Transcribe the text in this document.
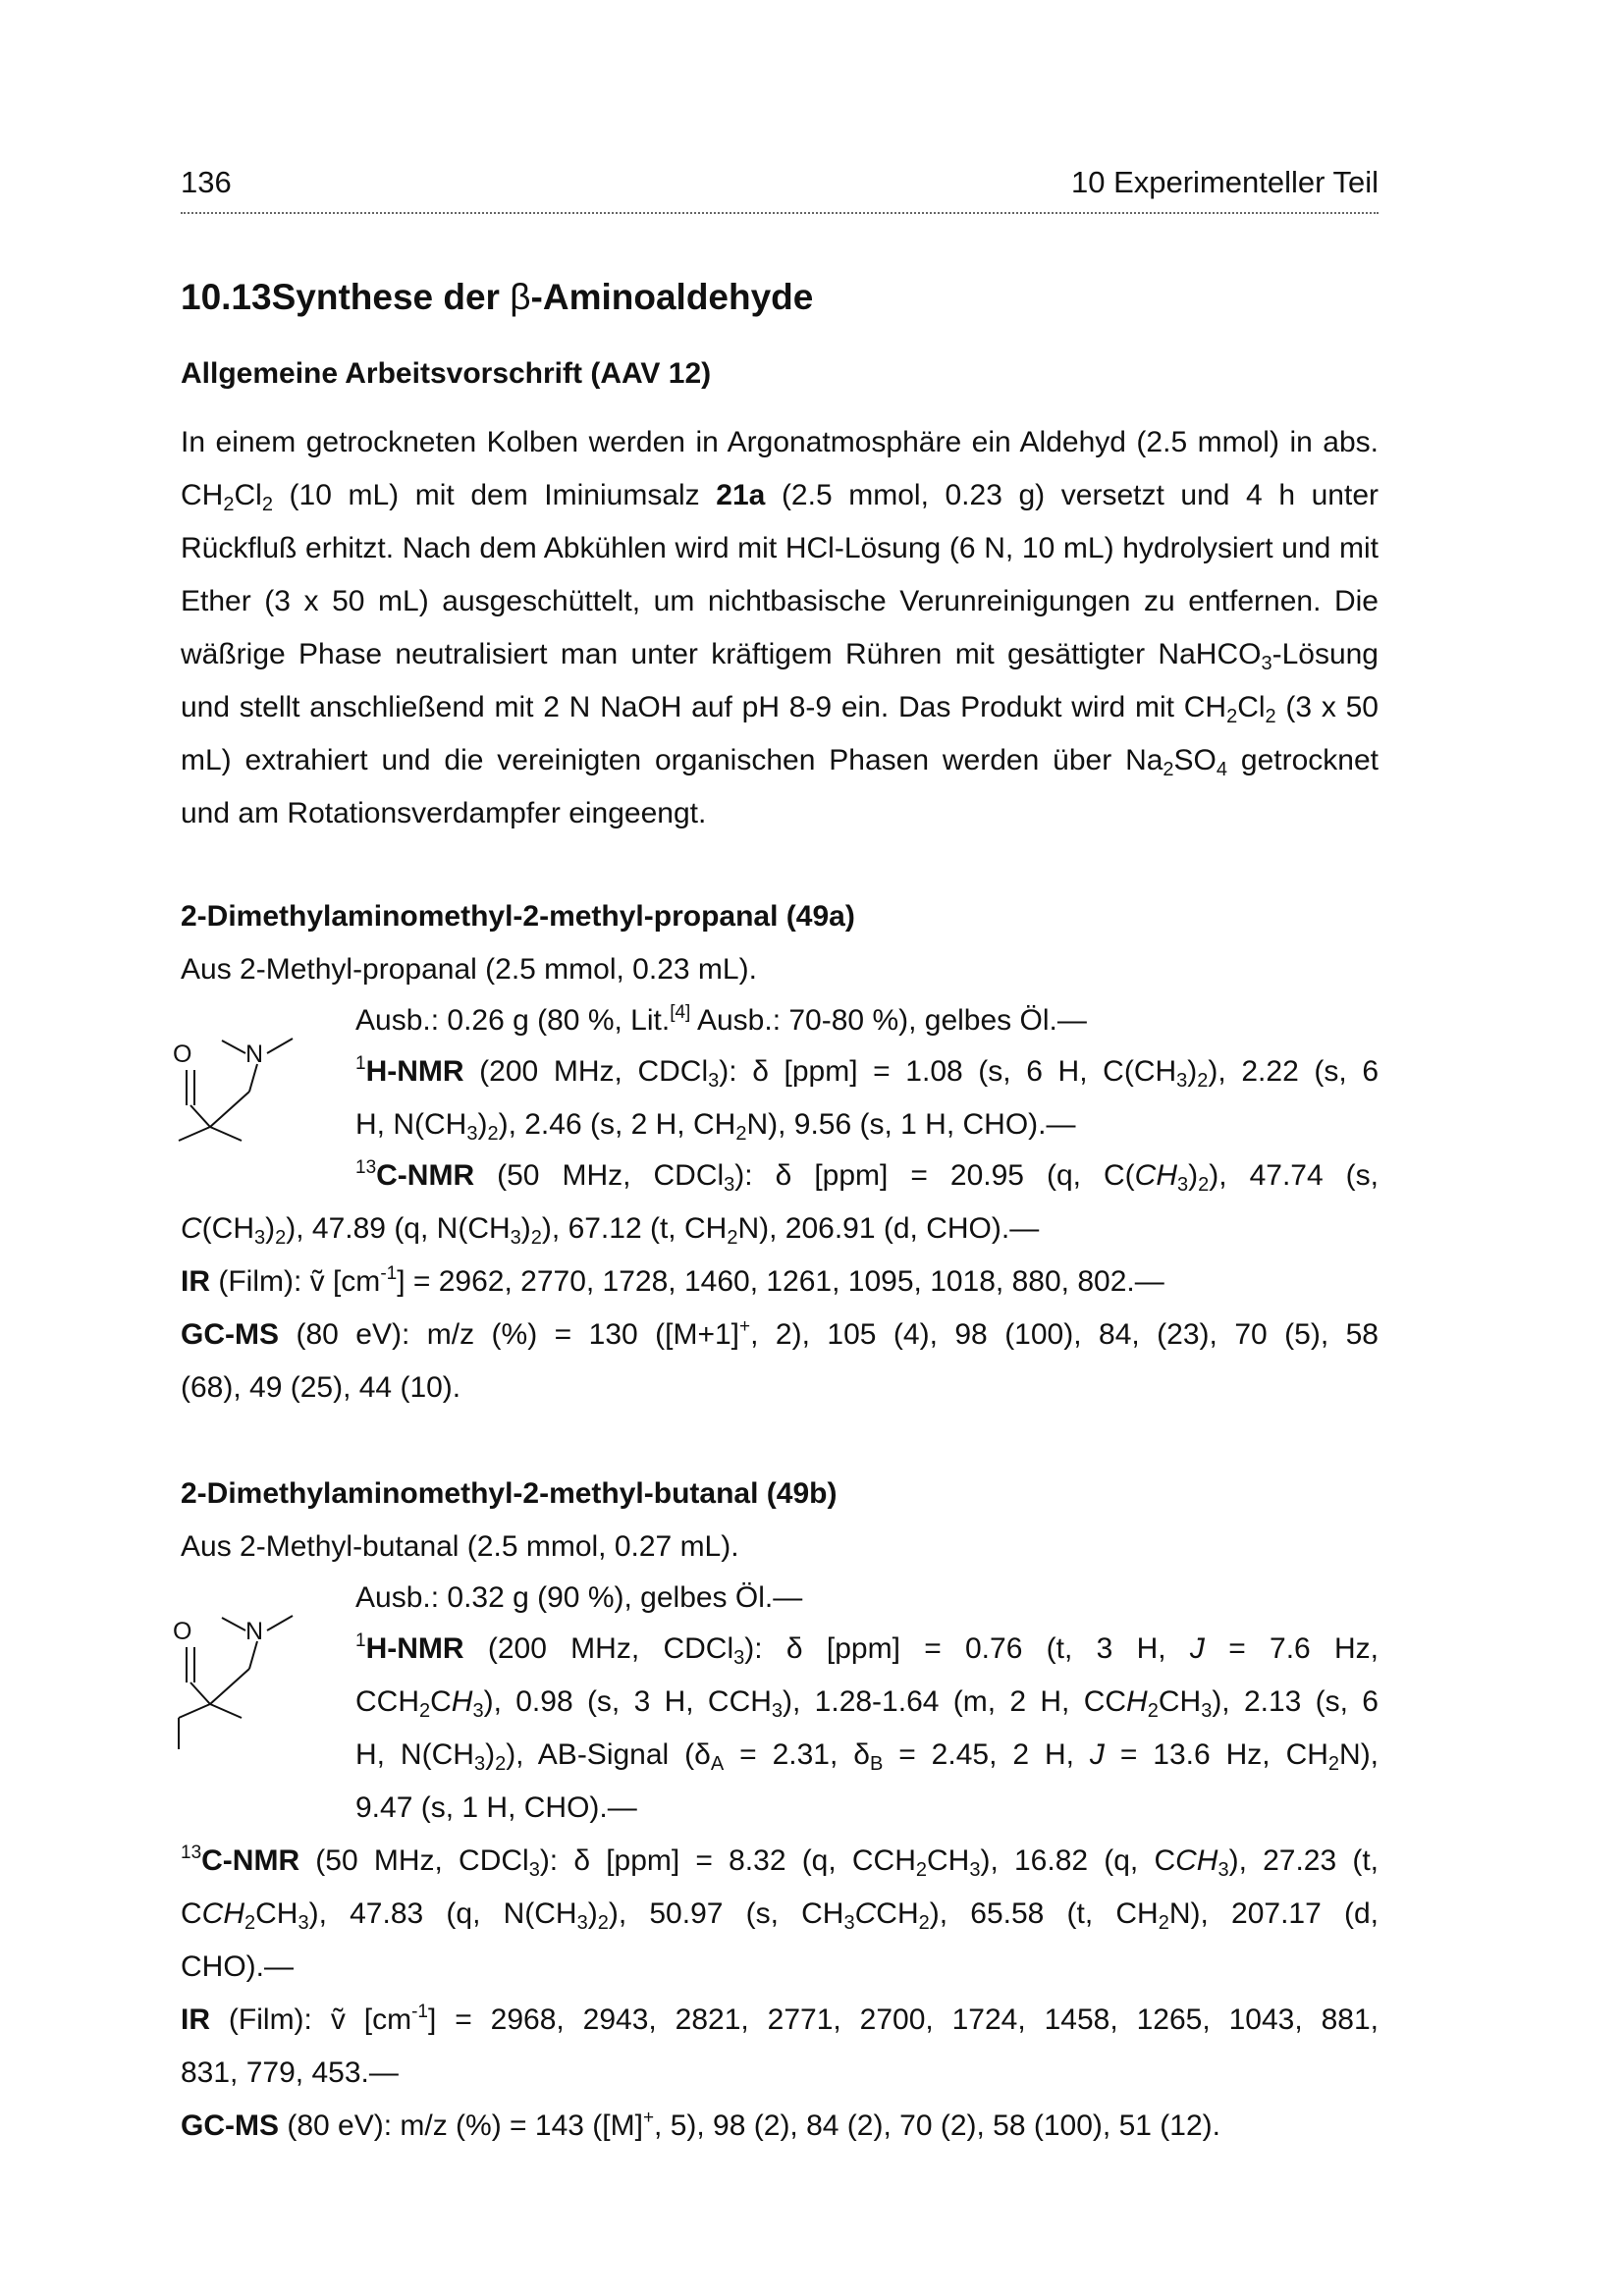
136	10 Experimenteller Teil
10.13Synthese der β-Aminoaldehyde
Allgemeine Arbeitsvorschrift (AAV 12)
In einem getrockneten Kolben werden in Argonatmosphäre ein Aldehyd (2.5 mmol) in abs. $CH_2Cl_2$ (10 mL) mit dem Iminiumsalz 21a (2.5 mmol, 0.23 g) versetzt und 4 h unter Rückfluß erhitzt. Nach dem Abkühlen wird mit HCl-Lösung (6 N, 10 mL) hydrolysiert und mit Ether (3 x 50 mL) ausgeschüttelt, um nichtbasische Verunreinigungen zu entfernen. Die wäßrige Phase neutralisiert man unter kräftigem Rühren mit gesättigter NaHCO$_3$-Lösung und stellt anschließend mit 2 N NaOH auf pH 8-9 ein. Das Produkt wird mit $CH_2Cl_2$ (3 x 50 mL) extrahiert und die vereinigten organischen Phasen werden über $Na_2SO_4$ getrocknet und am Rotationsverdampfer eingeengt.
2-Dimethylaminomethyl-2-methyl-propanal (49a)
Aus 2-Methyl-propanal (2.5 mmol, 0.23 mL).
O N
Ausb.: 0.26 g (80 %, Lit.[4] Ausb.: 70-80 %), gelbes Öl.—
$^1$H-NMR (200 MHz, CDCl$_3$): δ [ppm] = 1.08 (s, 6 H, $C(CH_3)_2$), 2.22 (s, 6
H, $N(CH_3)_2$), 2.46 (s, 2 H, $CH_2N$), 9.56 (s, 1 H, CHO).—
$^{13}$C-NMR (50 MHz, CDCl$_3$): δ [ppm] = 20.95 (q, $C(CH_3)_2$), 47.74 (s,
$C(CH_3)_2$), 47.89 (q, $N(CH_3)_2$), 67.12 (t, $CH_2N$), 206.91 (d, CHO).—
IR (Film): ṽ $[cm^{-1}] = 2962$, 2770, 1728, 1460, 1261, 1095, 1018, 880, 802.—
GC-MS (80 eV): m/z (%) = 130 ([M+1]+, 2), 105 (4), 98 (100), 84, (23), 70 (5), 58
(68), 49 (25), 44 (10).
2-Dimethylaminomethyl-2-methyl-butanal (49b)
Aus 2-Methyl-butanal (2.5 mmol, 0.27 mL).
O N
Ausb.: 0.32 g (90 %), gelbes Öl.—
$^1$H-NMR (200 MHz, CDCl$_3$): δ [ppm] = 0.76 (t, 3 H, J = 7.6 Hz,
$CCH_2CH_3$), 0.98 (s, 3 H, $CCH_3$), 1.28-1.64 (m, 2 H, $CCH_2CH_3$), 2.13 (s, 6
H, $N(CH_3)_2$), AB-Signal ($\delta_A = 2.31$, $\delta_B = 2.45$, 2 H, J = 13.6 Hz, $CH_2N$),
9.47 (s, 1 H, CHO).—
$^{13}$C-NMR (50 MHz, CDCl$_3$): δ [ppm] = 8.32 (q, $CCH_2CH_3$), 16.82 (q, $CCH_3$), 27.23 (t,
$CCH_2CH_3$), 47.83 (q, $N(CH_3)_2$), 50.97 (s, $CH_3CCH_2$), 65.58 (t, $CH_2N$), 207.17 (d,
CHO).—
IR (Film): ṽ $[cm^{-1}] = 2968$, 2943, 2821, 2771, 2700, 1724, 1458, 1265, 1043, 881,
831, 779, 453.—
GC-MS (80 eV): m/z (%) = 143 ([M]+, 5), 98 (2), 84 (2), 70 (2), 58 (100), 51 (12).
